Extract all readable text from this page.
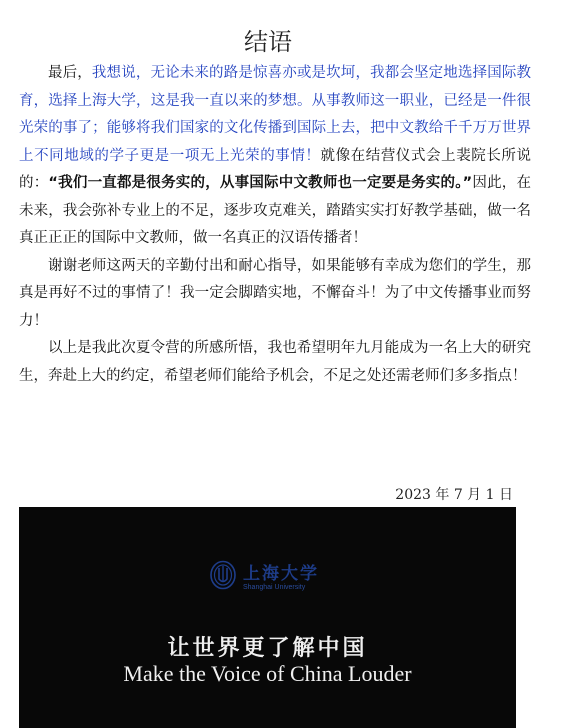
结语

最后，我想说，无论未来的路是惊喜亦或是坎坷，我都会坚定地选择国际教育，选择上海大学，这是我一直以来的梦想。从事教师这一职业，已经是一件很光荣的事了；能够将我们国家的文化传播到国际上去，把中文教给千千万万世界上不同地域的学子更是一项无上光荣的事情！就像在结营仪式会上裴院长所说的：“我们一直都是很务实的，从事国际中文教师也一定要是务实的。”因此，在未来，我会弥补专业上的不足，逐步攻克难关，踏踏实实打好教学基础，做一名真正正正的国际中文教师，做一名真正的汉语传播者！

谢谢老师这两天的辛勤付出和耐心指导，如果能够有幸成为您们的学生，那真是再好不过的事情了！我一定会脚踏实地，不懈奋斗！为了中文传播事业而努力！

以上是我此次夏令营的所感所悟，我也希望明年九月能成为一名上大的研究生，奔赴上大的约定，希望老师们能给予机会，不足之处还需老师们多多指点！

2023 年 7 月 1 日
上海大学
Shanghai University
让世界更了解中国
Make the Voice of China Louder
